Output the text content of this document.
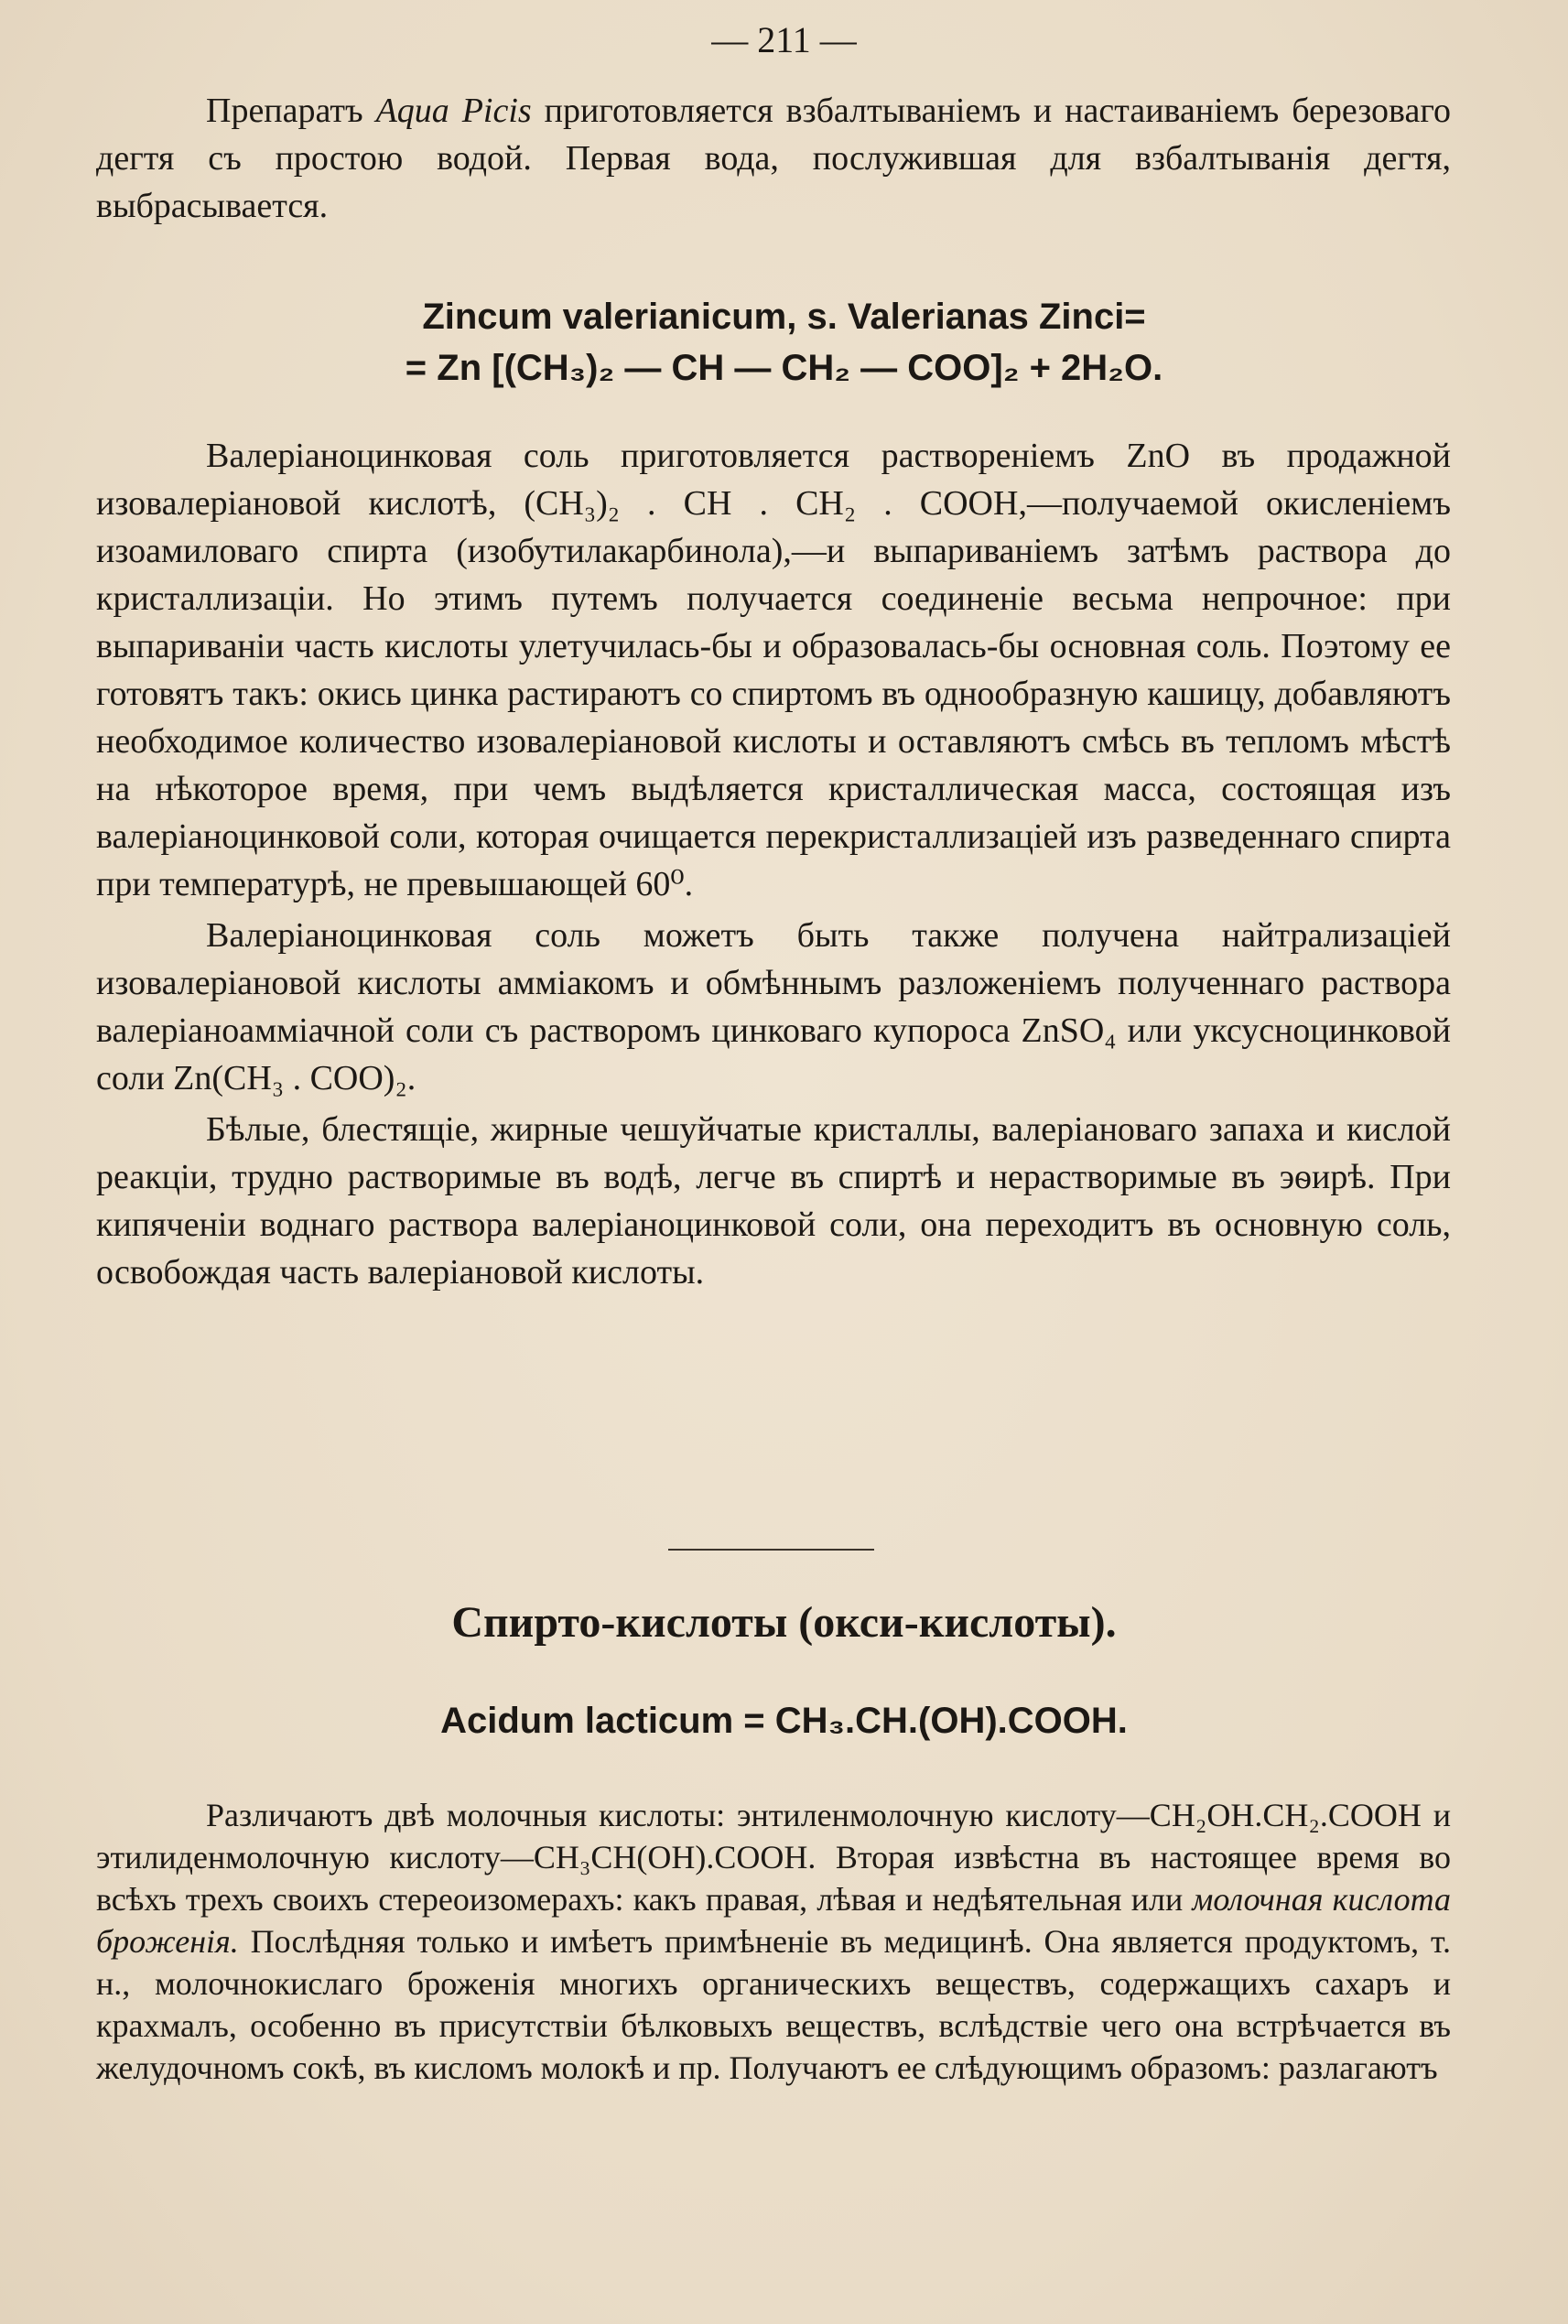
— 211 —

Препаратъ Aqua Picis приготовляется взбалтываніемъ и настаиваніемъ березоваго дегтя съ простою водой. Первая вода, послужившая для взбалтыванія дегтя, выбрасывается.

Zincum valerianicum, s. Valerianas Zinci=
= Zn [(CH₃)₂ — CH — CH₂ — COO]₂ + 2H₂O.

Валеріаноцинковая соль приготовляется раствореніемъ ZnO въ продажной изовалеріановой кислотѣ, (CH₃)₂ . CH . CH₂ . COOH,—получаемой окисленіемъ изоамиловаго спирта (изобутилакарбинола),—и выпариваніемъ затѣмъ раствора до кристаллизаціи. Но этимъ путемъ получается соединеніе весьма непрочное: при выпариваніи часть кислоты улетучилась-бы и образовалась-бы основная соль. Поэтому ее готовятъ такъ: окись цинка растираютъ со спиртомъ въ однообразную кашицу, добавляютъ необходимое количество изовалеріановой кислоты и оставляютъ смѣсь въ тепломъ мѣстѣ на нѣкоторое время, при чемъ выдѣляется кристаллическая масса, состоящая изъ валеріаноцинковой соли, которая очищается перекристаллизаціей изъ разведеннаго спирта при температурѣ, не превышающей 60⁰.

Валеріаноцинковая соль можетъ быть также получена найтрализаціей изовалеріановой кислоты аммiакомъ и обмѣннымъ разложеніемъ полученнаго раствора валеріаноамміачной соли съ растворомъ цинковаго купороса ZnSO₄ или уксусноцинковой соли Zn(CH₃ . COO)₂.

Бѣлые, блестящіе, жирные чешуйчатые кристаллы, валеріановаго запаха и кислой реакціи, трудно растворимые въ водѣ, легче въ спиртѣ и нерастворимые въ эѳирѣ. При кипяченіи воднаго раствора валеріаноцинковой соли, она переходитъ въ основную соль, освобождая часть валеріановой кислоты.

Спирто-кислоты (окси-кислоты).
Acidum lacticum = CH₃.CH.(OH).COOH.

Различаютъ двѣ молочныя кислоты: энтиленмолочную кислоту—CH₂OH.CH₂.COOH и этилиденмолочную кислоту—CH₃CH(OH).COOH. Вторая извѣстна въ настоящее время во всѣхъ трехъ своихъ стереоизомерахъ: какъ правая, лѣвая и недѣятельная или молочная кислота броженія. Послѣдняя только и имѣетъ примѣненіе въ медицинѣ. Она является продуктомъ, т. н., молочнокислаго броженія многихъ органическихъ веществъ, содержащихъ сахаръ и крахмалъ, особенно въ присутствіи бѣлковыхъ веществъ, вслѣдствіе чего она встрѣчается въ желудочномъ сокѣ, въ кисломъ молокѣ и пр. Получаютъ ее слѣдующимъ образомъ: разлагаютъ
